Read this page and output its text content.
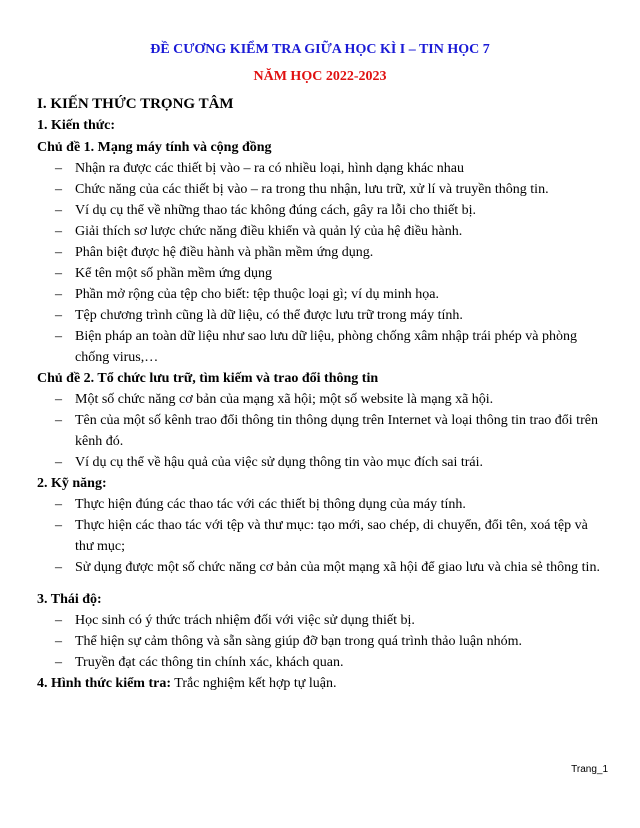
ĐỀ CƯƠNG KIỂM TRA GIỮA HỌC KÌ I – TIN HỌC 7
NĂM HỌC 2022-2023
I. KIẾN THỨC TRỌNG TÂM
1. Kiến thức:
Chủ đề 1. Mạng máy tính và cộng đồng
– Nhận ra được các thiết bị vào – ra có nhiều loại, hình dạng khác nhau
– Chức năng của các thiết bị vào – ra trong thu nhận, lưu trữ, xử lí và truyền thông tin.
– Ví dụ cụ thể về những thao tác không đúng cách, gây ra lỗi cho thiết bị.
– Giải thích sơ lược chức năng điều khiển và quản lý của hệ điều hành.
– Phân biệt được hệ điều hành và phần mềm ứng dụng.
– Kể tên một số phần mềm ứng dụng
– Phần mở rộng của tệp cho biết: tệp thuộc loại gì; ví dụ minh họa.
– Tệp chương trình cũng là dữ liệu, có thể được lưu trữ trong máy tính.
– Biện pháp an toàn dữ liệu như sao lưu dữ liệu, phòng chống xâm nhập trái phép và phòng chống virus,…
Chủ đề 2. Tổ chức lưu trữ, tìm kiếm và trao đổi thông tin
– Một số chức năng cơ bản của mạng xã hội; một số website là mạng xã hội.
– Tên của một số kênh trao đổi thông tin thông dụng trên Internet và loại thông tin trao đổi trên kênh đó.
– Ví dụ cụ thể về hậu quả của việc sử dụng thông tin vào mục đích sai trái.
2. Kỹ năng:
– Thực hiện đúng các thao tác với các thiết bị thông dụng của máy tính.
– Thực hiện các thao tác với tệp và thư mục: tạo mới, sao chép, di chuyển, đổi tên, xoá tệp và thư mục;
– Sử dụng được một số chức năng cơ bản của một mạng xã hội để giao lưu và chia sẻ thông tin.
3. Thái độ:
– Học sinh có ý thức trách nhiệm đối với việc sử dụng thiết bị.
– Thể hiện sự cảm thông và sẵn sàng giúp đỡ bạn trong quá trình thảo luận nhóm.
– Truyền đạt các thông tin chính xác, khách quan.
4. Hình thức kiểm tra: Trắc nghiệm kết hợp tự luận.
Trang_1
